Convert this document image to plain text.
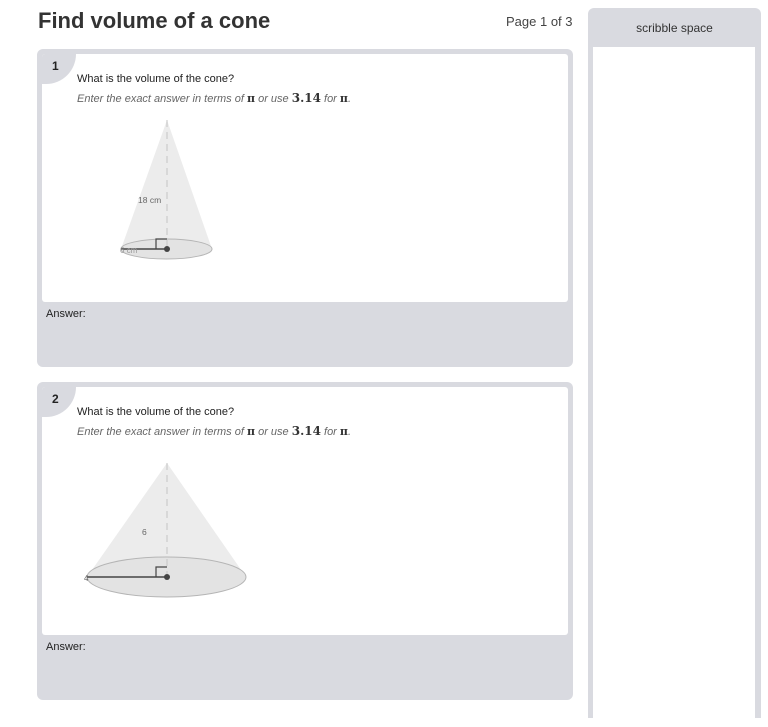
Find volume of a cone	Page 1 of 3	scribble space
1
What is the volume of the cone?
Enter the exact answer in terms of π or use 3.14 for π.
18 cm
6 cm
Answer:
2
What is the volume of the cone?
Enter the exact answer in terms of π or use 3.14 for π.
6
4
Answer:
